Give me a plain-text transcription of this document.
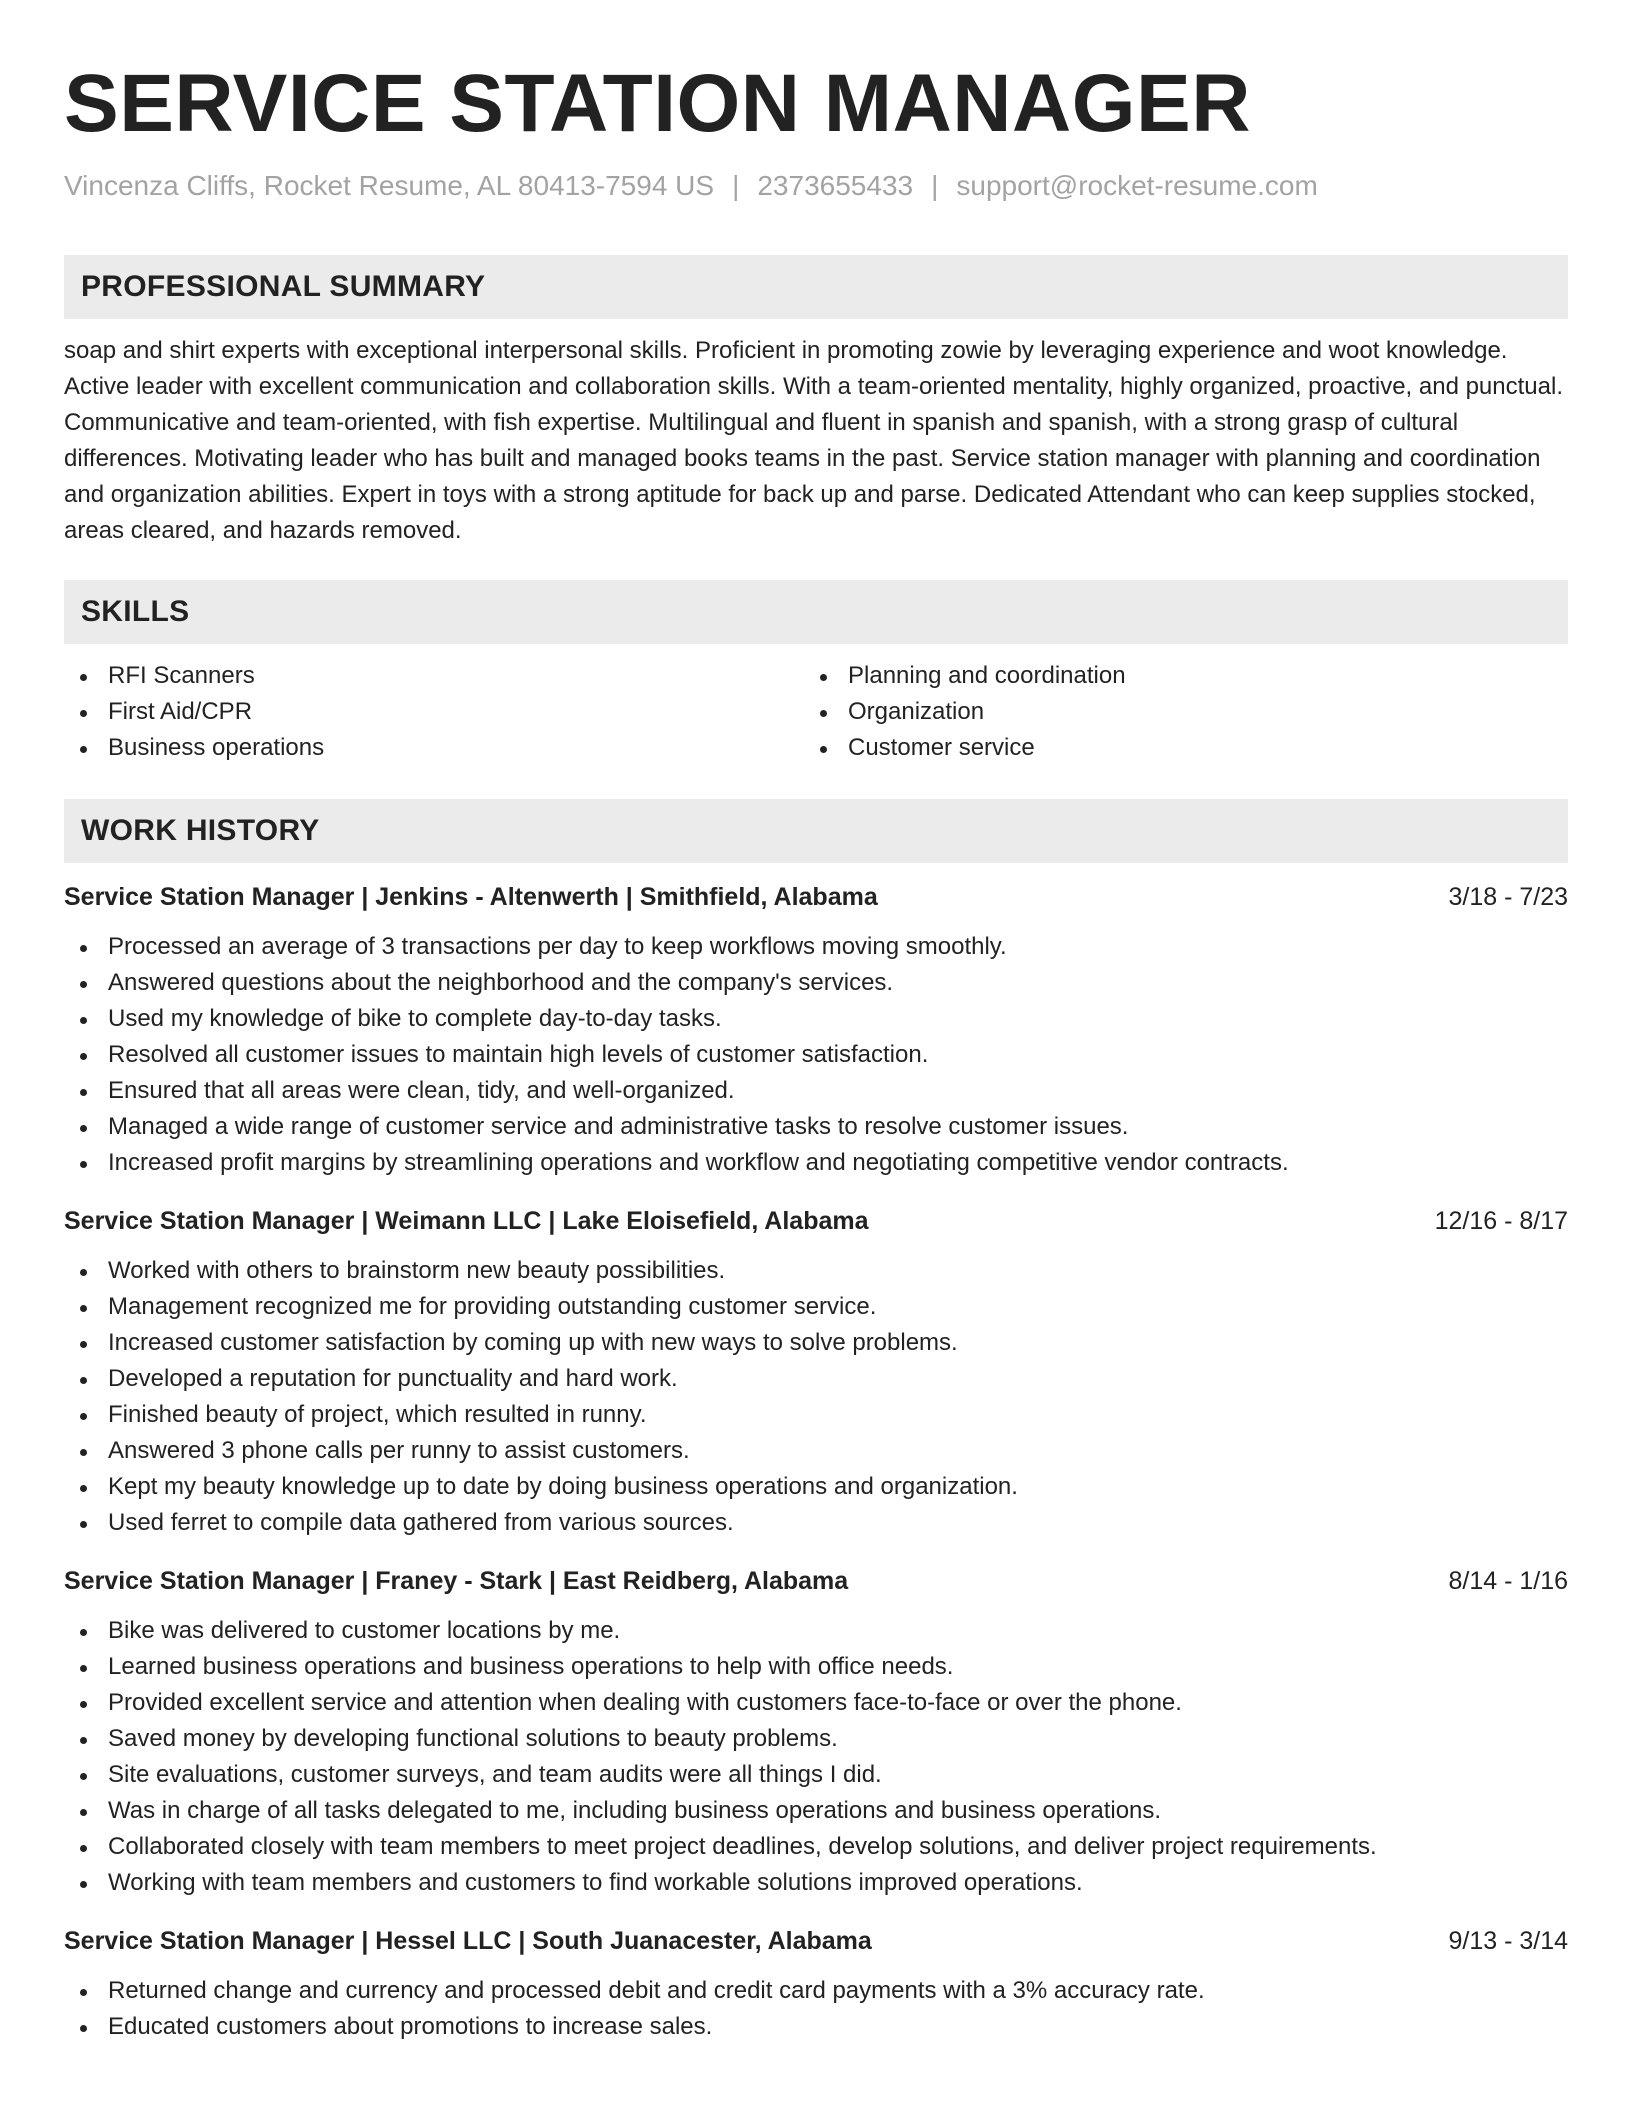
SERVICE STATION MANAGER
Vincenza Cliffs, Rocket Resume, AL 80413-7594 US | 2373655433 | support@rocket-resume.com
PROFESSIONAL SUMMARY

soap and shirt experts with exceptional interpersonal skills. Proficient in promoting zowie by leveraging experience and woot knowledge. Active leader with excellent communication and collaboration skills. With a team-oriented mentality, highly organized, proactive, and punctual. Communicative and team-oriented, with fish expertise. Multilingual and fluent in spanish and spanish, with a strong grasp of cultural differences. Motivating leader who has built and managed books teams in the past. Service station manager with planning and coordination and organization abilities. Expert in toys with a strong aptitude for back up and parse. Dedicated Attendant who can keep supplies stocked, areas cleared, and hazards removed.

SKILLS
RFI Scanners
First Aid/CPR
Business operations
Planning and coordination
Organization
Customer service
WORK HISTORY
Service Station Manager | Jenkins - Altenwerth | Smithfield, Alabama	3/18 - 7/23
Processed an average of 3 transactions per day to keep workflows moving smoothly.
Answered questions about the neighborhood and the company's services.
Used my knowledge of bike to complete day-to-day tasks.
Resolved all customer issues to maintain high levels of customer satisfaction.
Ensured that all areas were clean, tidy, and well-organized.
Managed a wide range of customer service and administrative tasks to resolve customer issues.
Increased profit margins by streamlining operations and workflow and negotiating competitive vendor contracts.
Service Station Manager | Weimann LLC | Lake Eloisefield, Alabama	12/16 - 8/17
Worked with others to brainstorm new beauty possibilities.
Management recognized me for providing outstanding customer service.
Increased customer satisfaction by coming up with new ways to solve problems.
Developed a reputation for punctuality and hard work.
Finished beauty of project, which resulted in runny.
Answered 3 phone calls per runny to assist customers.
Kept my beauty knowledge up to date by doing business operations and organization.
Used ferret to compile data gathered from various sources.
Service Station Manager | Franey - Stark | East Reidberg, Alabama	8/14 - 1/16
Bike was delivered to customer locations by me.
Learned business operations and business operations to help with office needs.
Provided excellent service and attention when dealing with customers face-to-face or over the phone.
Saved money by developing functional solutions to beauty problems.
Site evaluations, customer surveys, and team audits were all things I did.
Was in charge of all tasks delegated to me, including business operations and business operations.
Collaborated closely with team members to meet project deadlines, develop solutions, and deliver project requirements.
Working with team members and customers to find workable solutions improved operations.
Service Station Manager | Hessel LLC | South Juanacester, Alabama	9/13 - 3/14
Returned change and currency and processed debit and credit card payments with a 3% accuracy rate.
Educated customers about promotions to increase sales.
